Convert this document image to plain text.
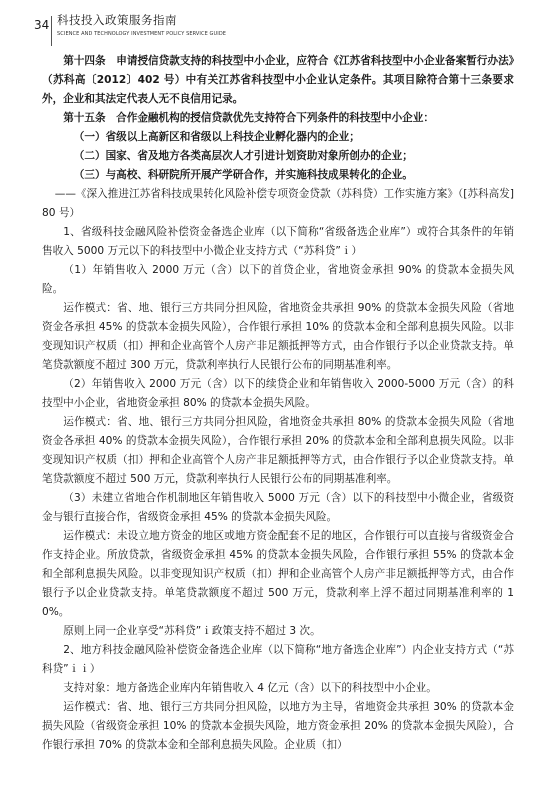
34 科技投入政策服务指南
SCIENCE AND TECHNOLOGY INVESTMENT POLICY SERVICE GUIDE

第十四条　申请授信贷款支持的科技型中小企业，应符合《江苏省科技型中小企业备案暂行办法》（苏科高〔2012〕402 号）中有关江苏省科技型中小企业认定条件。其项目除符合第十三条要求外，企业和其法定代表人无不良信用记录。

第十五条　合作金融机构的授信贷款优先支持符合下列条件的科技型中小企业：

（一）省级以上高新区和省级以上科技企业孵化器内的企业；

（二）国家、省及地方各类高层次人才引进计划资助对象所创办的企业；

（三）与高校、科研院所开展产学研合作，并实施科技成果转化的企业。

——《深入推进江苏省科技成果转化风险补偿专项资金贷款（苏科贷）工作实施方案》（[苏科高发]80 号）

1、省级科技金融风险补偿资金备选企业库（以下简称“省级备选企业库”）或符合其条件的年销售收入 5000 万元以下的科技型中小微企业支持方式（“苏科贷”ｉ）

（1）年销售收入 2000 万元（含）以下的首贷企业，省地资金承担 90% 的贷款本金损失风险。

运作模式：省、地、银行三方共同分担风险，省地资金共承担 90% 的贷款本金损失风险（省地资金各承担 45% 的贷款本金损失风险），合作银行承担 10% 的贷款本金和全部利息损失风险。以非变现知识产权质（扣）押和企业高管个人房产非足额抵押等方式，由合作银行予以企业贷款支持。单笔贷款额度不超过 300 万元，贷款利率执行人民银行公布的同期基准利率。

（2）年销售收入 2000 万元（含）以下的续贷企业和年销售收入 2000-5000 万元（含）的科技型中小企业，省地资金承担 80% 的贷款本金损失风险。

运作模式：省、地、银行三方共同分担风险，省地资金共承担 80% 的贷款本金损失风险（省地资金各承担 40% 的贷款本金损失风险），合作银行承担 20% 的贷款本金和全部利息损失风险。以非变现知识产权质（扣）押和企业高管个人房产非足额抵押等方式，由合作银行予以企业贷款支持。单笔贷款额度不超过 500 万元，贷款利率执行人民银行公布的同期基准利率。

（3）未建立省地合作机制地区年销售收入 5000 万元（含）以下的科技型中小微企业，省级资金与银行直接合作，省级资金承担 45% 的贷款本金损失风险。

运作模式：未设立地方资金的地区或地方资金配套不足的地区，合作银行可以直接与省级资金合作支持企业。所放贷款，省级资金承担 45% 的贷款本金损失风险，合作银行承担 55% 的贷款本金和全部利息损失风险。以非变现知识产权质（扣）押和企业高管个人房产非足额抵押等方式，由合作银行予以企业贷款支持。单笔贷款额度不超过 500 万元，贷款利率上浮不超过同期基准利率的 10%。

原则上同一企业享受“苏科贷”ｉ政策支持不超过 3 次。

2、地方科技金融风险补偿资金备选企业库（以下简称“地方备选企业库”）内企业支持方式（“苏科贷”ｉｉ）

支持对象：地方备选企业库内年销售收入 4 亿元（含）以下的科技型中小企业。

运作模式：省、地、银行三方共同分担风险，以地方为主导，省地资金共承担 30% 的贷款本金损失风险（省级资金承担 10% 的贷款本金损失风险，地方资金承担 20% 的贷款本金损失风险），合作银行承担 70% 的贷款本金和全部利息损失风险。企业质（扣）
